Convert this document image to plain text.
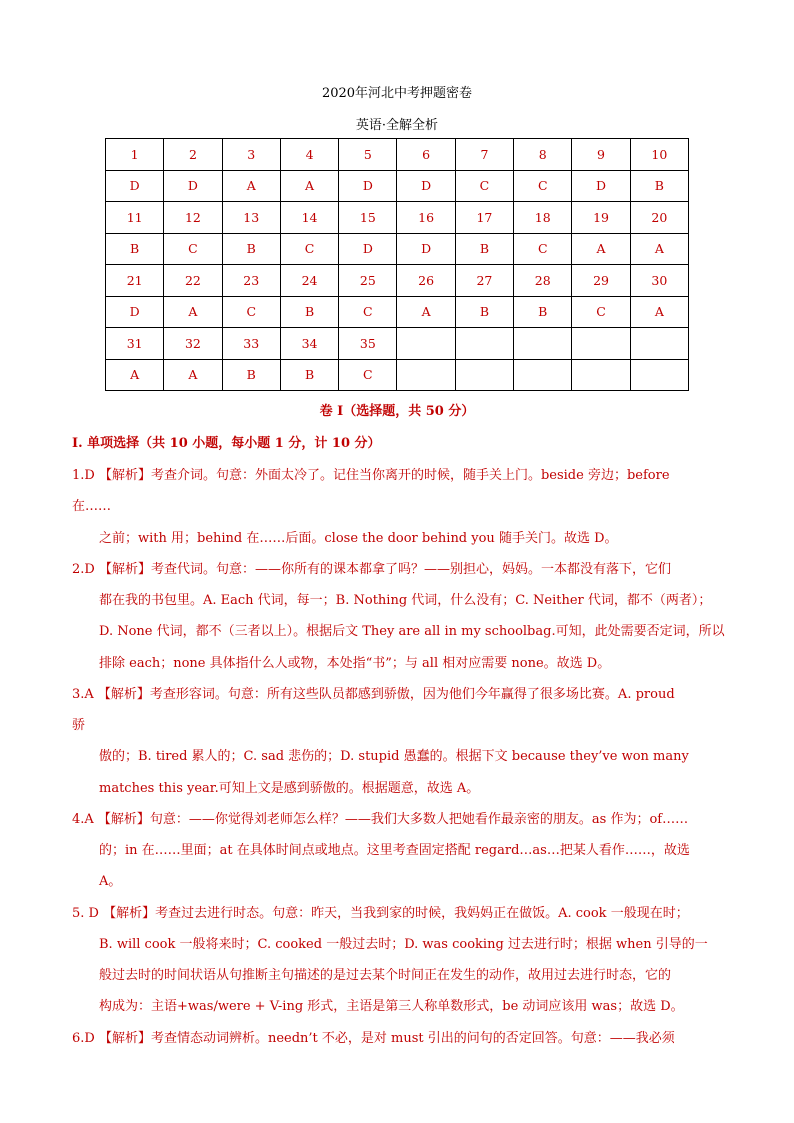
2020年河北中考押题密卷
英语·全解全析
1	2	3	4	5	6	7	8	9	10
D	D	A	A	D	D	C	C	D	B
11	12	13	14	15	16	17	18	19	20
B	C	B	C	D	D	B	C	A	A
21	22	23	24	25	26	27	28	29	30
D	A	C	B	C	A	B	B	C	A
31	32	33	34	35					
A	A	B	B	C					
卷 I（选择题，共 50 分）
I. 单项选择（共 10 小题，每小题 1 分，计 10 分）
1.D 【解析】考查介词。句意：外面太冷了。记住当你离开的时候，随手关上门。beside 旁边；before
在……
之前；with 用；behind 在……后面。close the door behind you 随手关门。故选 D。
2.D 【解析】考查代词。句意：——你所有的课本都拿了吗？——别担心，妈妈。一本都没有落下，它们
都在我的书包里。A. Each 代词，每一；B. Nothing 代词，什么没有；C. Neither 代词，都不（两者）；
D. None 代词，都不（三者以上）。根据后文 They are all in my schoolbag.可知，此处需要否定词，所以
排除 each；none 具体指什么人或物，本处指“书”；与 all 相对应需要 none。故选 D。
3.A 【解析】考查形容词。句意：所有这些队员都感到骄傲，因为他们今年赢得了很多场比赛。A. proud
骄
傲的；B. tired 累人的；C. sad 悲伤的；D. stupid 愚蠢的。根据下文 because they’ve won many
matches this year.可知上文是感到骄傲的。根据题意，故选 A。
4.A 【解析】句意：——你觉得刘老师怎么样？——我们大多数人把她看作最亲密的朋友。as 作为；of……
的；in 在……里面；at 在具体时间点或地点。这里考查固定搭配 regard…as…把某人看作……，故选
A。
5. D 【解析】考查过去进行时态。句意：昨天，当我到家的时候，我妈妈正在做饭。A. cook 一般现在时；
B. will cook 一般将来时；C. cooked 一般过去时；D. was cooking 过去进行时；根据 when 引导的一
般过去时的时间状语从句推断主句描述的是过去某个时间正在发生的动作，故用过去进行时态，它的
构成为：主语+was/were + V-ing 形式，主语是第三人称单数形式，be 动词应该用 was；故选 D。
6.D 【解析】考查情态动词辨析。needn’t 不必，是对 must 引出的问句的否定回答。句意：——我必须
